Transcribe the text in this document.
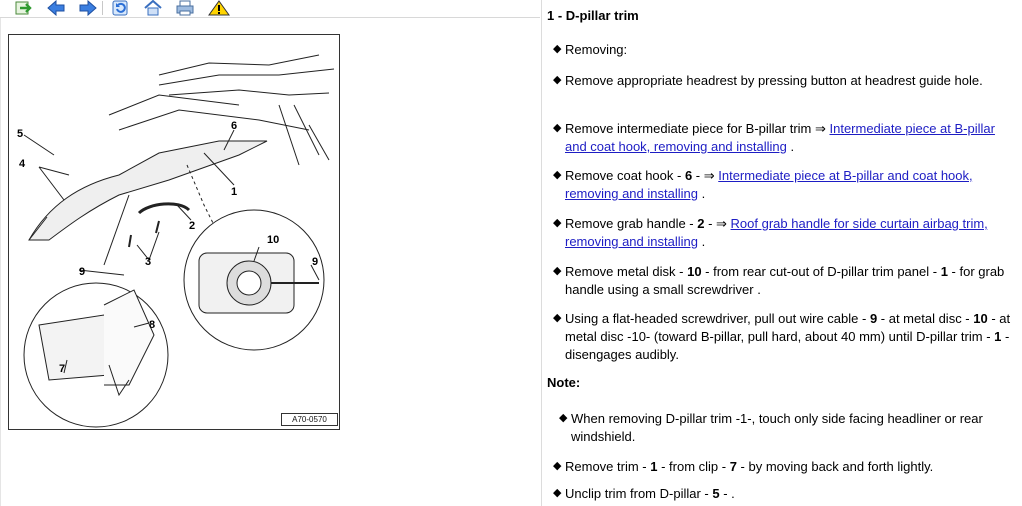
5
4
6
1
2
3
10
9
9
8
7
A70-0570
1 - D-pillar trim
◆ Removing:
◆ Remove appropriate headrest by pressing button at headrest guide hole.
◆ Remove intermediate piece for B-pillar trim ⇒ Intermediate piece at B-pillar and coat hook, removing and installing .
◆ Remove coat hook - 6 - ⇒ Intermediate piece at B-pillar and coat hook, removing and installing .
◆ Remove grab handle - 2 - ⇒ Roof grab handle for side curtain airbag trim, removing and installing .
◆ Remove metal disk - 10 - from rear cut-out of D-pillar trim panel - 1 - for grab handle using a small screwdriver .
◆ Using a flat-headed screwdriver, pull out wire cable - 9 - at metal disc - 10 - at metal disc -10- (toward B-pillar, pull hard, about 40 mm) until D-pillar trim - 1 - disengages audibly.
Note:
◆ When removing D-pillar trim -1-, touch only side facing headliner or rear windshield.
◆ Remove trim - 1 - from clip - 7 - by moving back and forth lightly.
◆ Unclip trim from D-pillar - 5 - .
